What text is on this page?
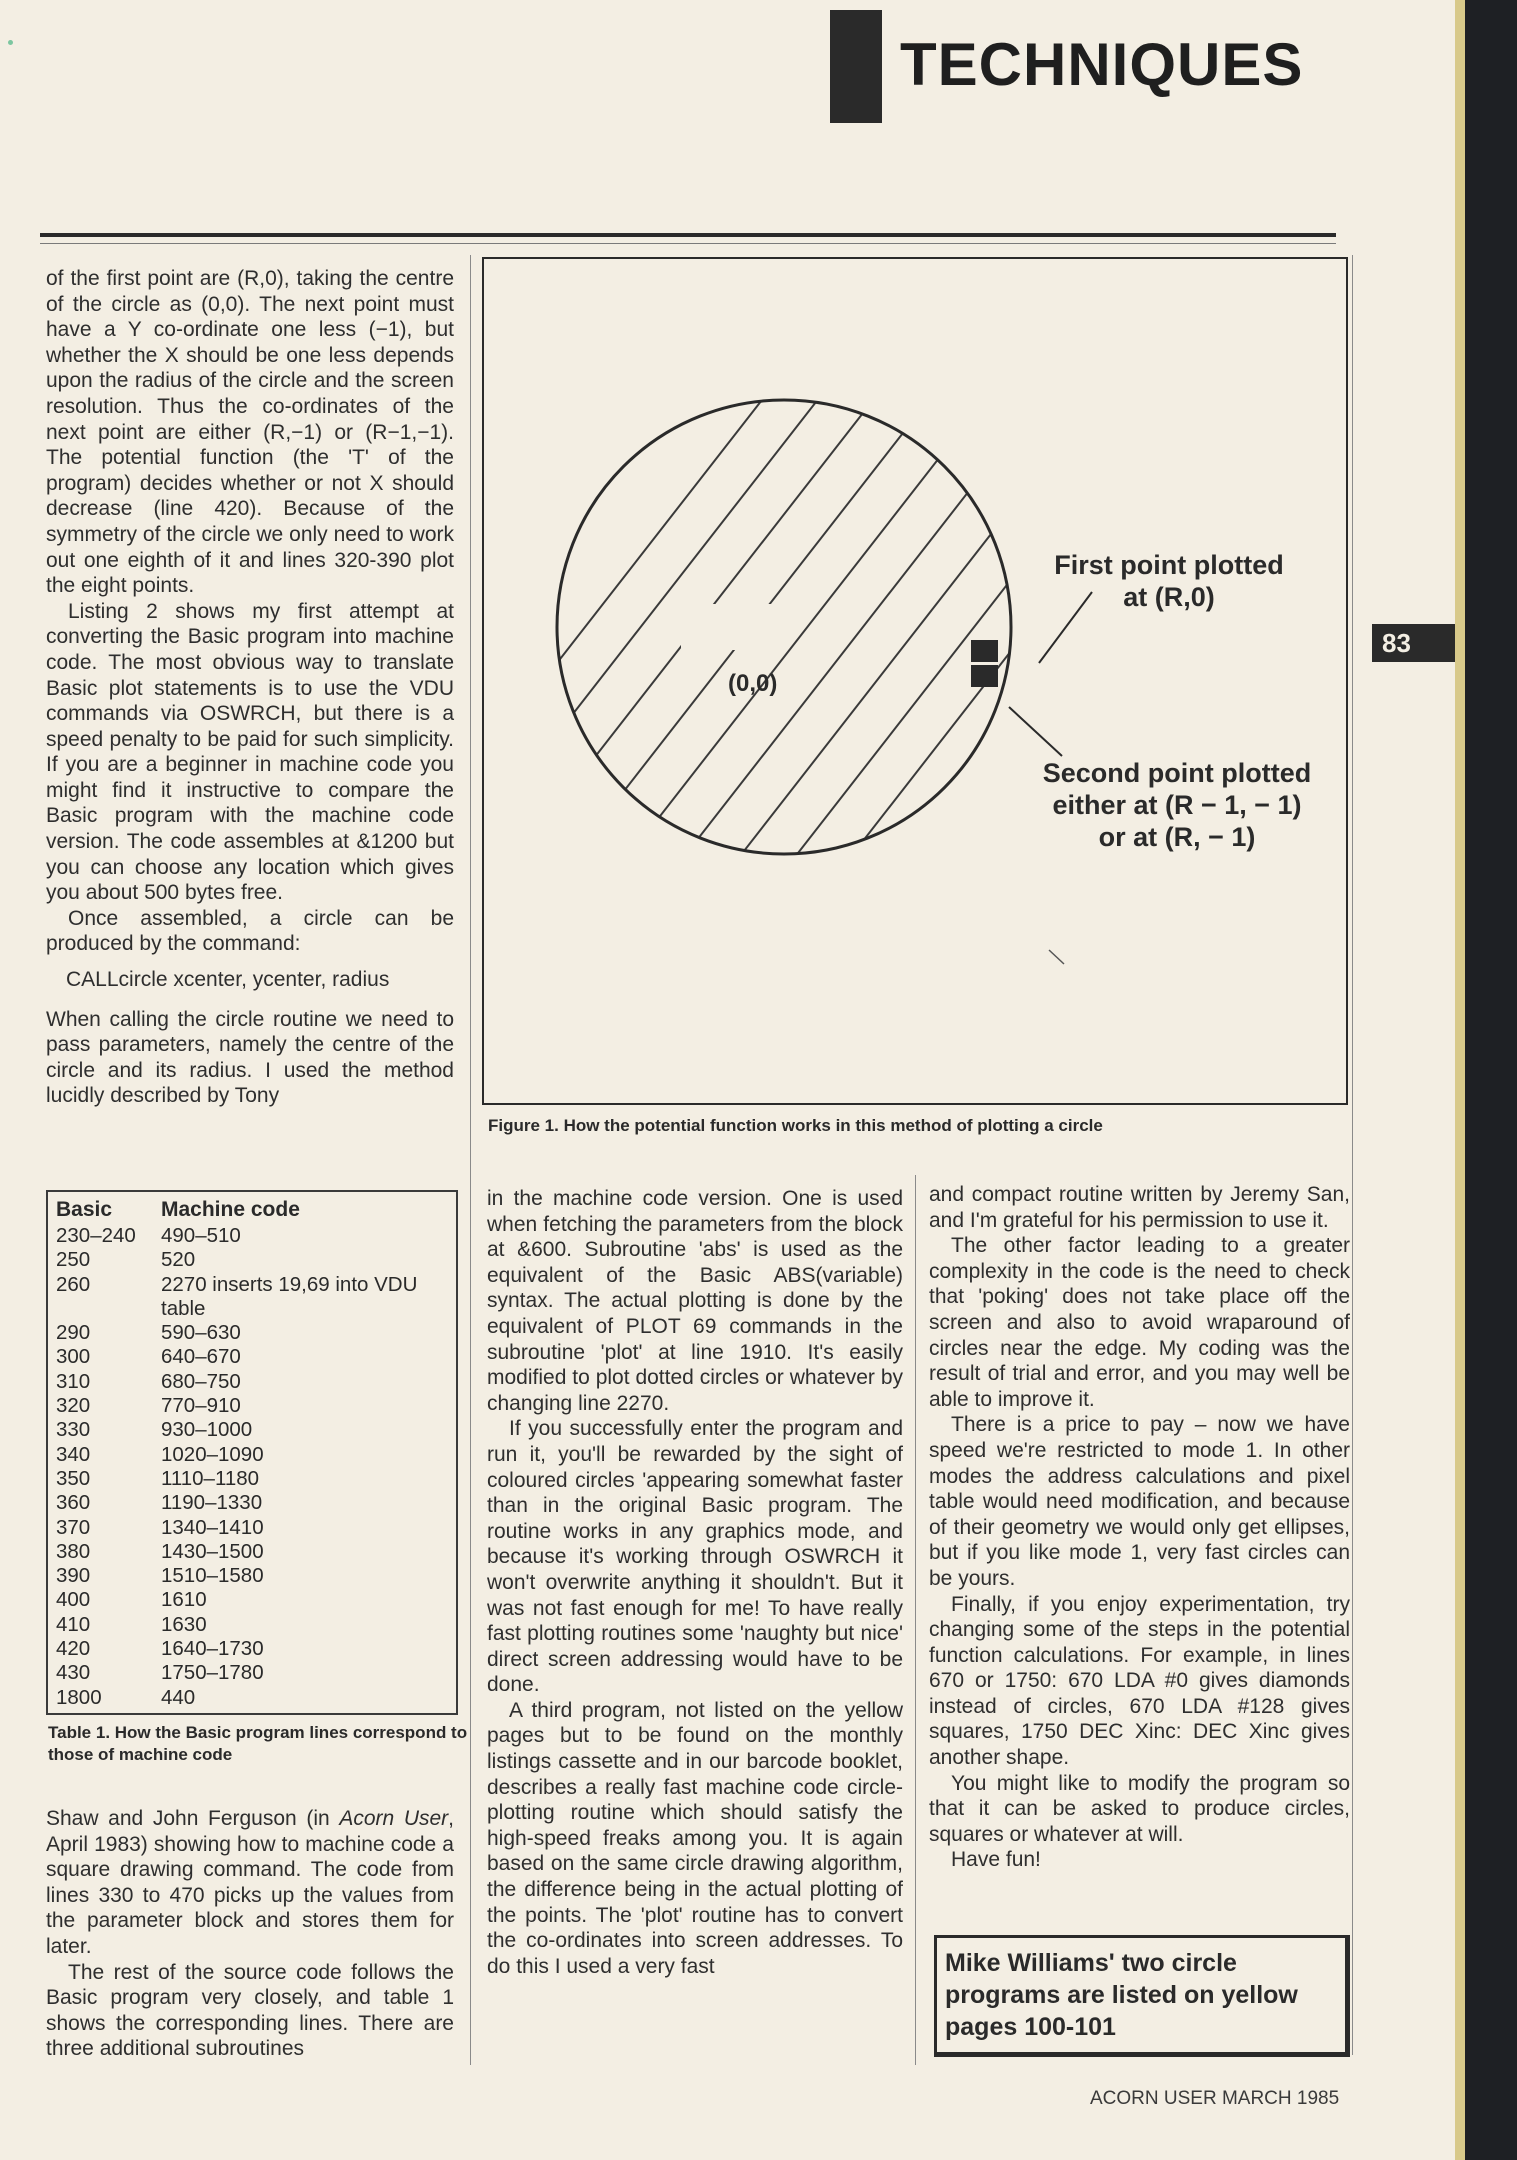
TECHNIQUES

of the first point are (R,0), taking the centre of the circle as (0,0). The next point must have a Y co-ordinate one less (−1), but whether the X should be one less depends upon the radius of the circle and the screen resolution. Thus the co-ordinates of the next point are either (R,−1) or (R−1,−1). The potential function (the 'T' of the program) decides whether or not X should decrease (line 420). Because of the symmetry of the circle we only need to work out one eighth of it and lines 320-390 plot the eight points.

Listing 2 shows my first attempt at converting the Basic program into machine code. The most obvious way to translate Basic plot statements is to use the VDU commands via OSWRCH, but there is a speed penalty to be paid for such simplicity. If you are a beginner in machine code you might find it instructive to compare the Basic program with the machine code version. The code assembles at &1200 but you can choose any location which gives you about 500 bytes free.

Once assembled, a circle can be produced by the command:

CALLcircle xcenter, ycenter, radius

When calling the circle routine we need to pass parameters, namely the centre of the circle and its radius. I used the method lucidly described by Tony

Basic	Machine code
230–240	490–510
250	520
260	2270 inserts 19,69 into VDU table
290	590–630
300	640–670
310	680–750
320	770–910
330	930–1000
340	1020–1090
350	1110–1180
360	1190–1330
370	1340–1410
380	1430–1500
390	1510–1580
400	1610
410	1630
420	1640–1730
430	1750–1780
1800	440
Table 1. How the Basic program lines correspond to those of machine code

Shaw and John Ferguson (in Acorn User, April 1983) showing how to machine code a square drawing command. The code from lines 330 to 470 picks up the values from the parameter block and stores them for later.

The rest of the source code follows the Basic program very closely, and table 1 shows the corresponding lines. There are three additional subroutines

(0,0)
First point plotted
at (R,0)
Second point plotted
either at (R − 1, − 1)
or at (R, − 1)
Figure 1. How the potential function works in this method of plotting a circle

in the machine code version. One is used when fetching the parameters from the block at &600. Subroutine 'abs' is used as the equivalent of the Basic ABS(variable) syntax. The actual plotting is done by the equivalent of PLOT 69 commands in the subroutine 'plot' at line 1910. It's easily modified to plot dotted circles or whatever by changing line 2270.

If you successfully enter the program and run it, you'll be rewarded by the sight of coloured circles 'appearing somewhat faster than in the original Basic program. The routine works in any graphics mode, and because it's working through OSWRCH it won't overwrite anything it shouldn't. But it was not fast enough for me! To have really fast plotting routines some 'naughty but nice' direct screen addressing would have to be done.

A third program, not listed on the yellow pages but to be found on the monthly listings cassette and in our barcode booklet, describes a really fast machine code circle-plotting routine which should satisfy the high-speed freaks among you. It is again based on the same circle drawing algorithm, the difference being in the actual plotting of the points. The 'plot' routine has to convert the co-ordinates into screen addresses. To do this I used a very fast

and compact routine written by Jeremy San, and I'm grateful for his permission to use it.

The other factor leading to a greater complexity in the code is the need to check that 'poking' does not take place off the screen and also to avoid wraparound of circles near the edge. My coding was the result of trial and error, and you may well be able to improve it.

There is a price to pay – now we have speed we're restricted to mode 1. In other modes the address calculations and pixel table would need modification, and because of their geometry we would only get ellipses, but if you like mode 1, very fast circles can be yours.

Finally, if you enjoy experimentation, try changing some of the steps in the potential function calculations. For example, in lines 670 or 1750: 670 LDA #0 gives diamonds instead of circles, 670 LDA #128 gives squares, 1750 DEC Xinc: DEC Xinc gives another shape.

You might like to modify the program so that it can be asked to produce circles, squares or whatever at will.

Have fun!

Mike Williams' two circle programs are listed on yellow pages 100-101
83
ACORN USER MARCH 1985
